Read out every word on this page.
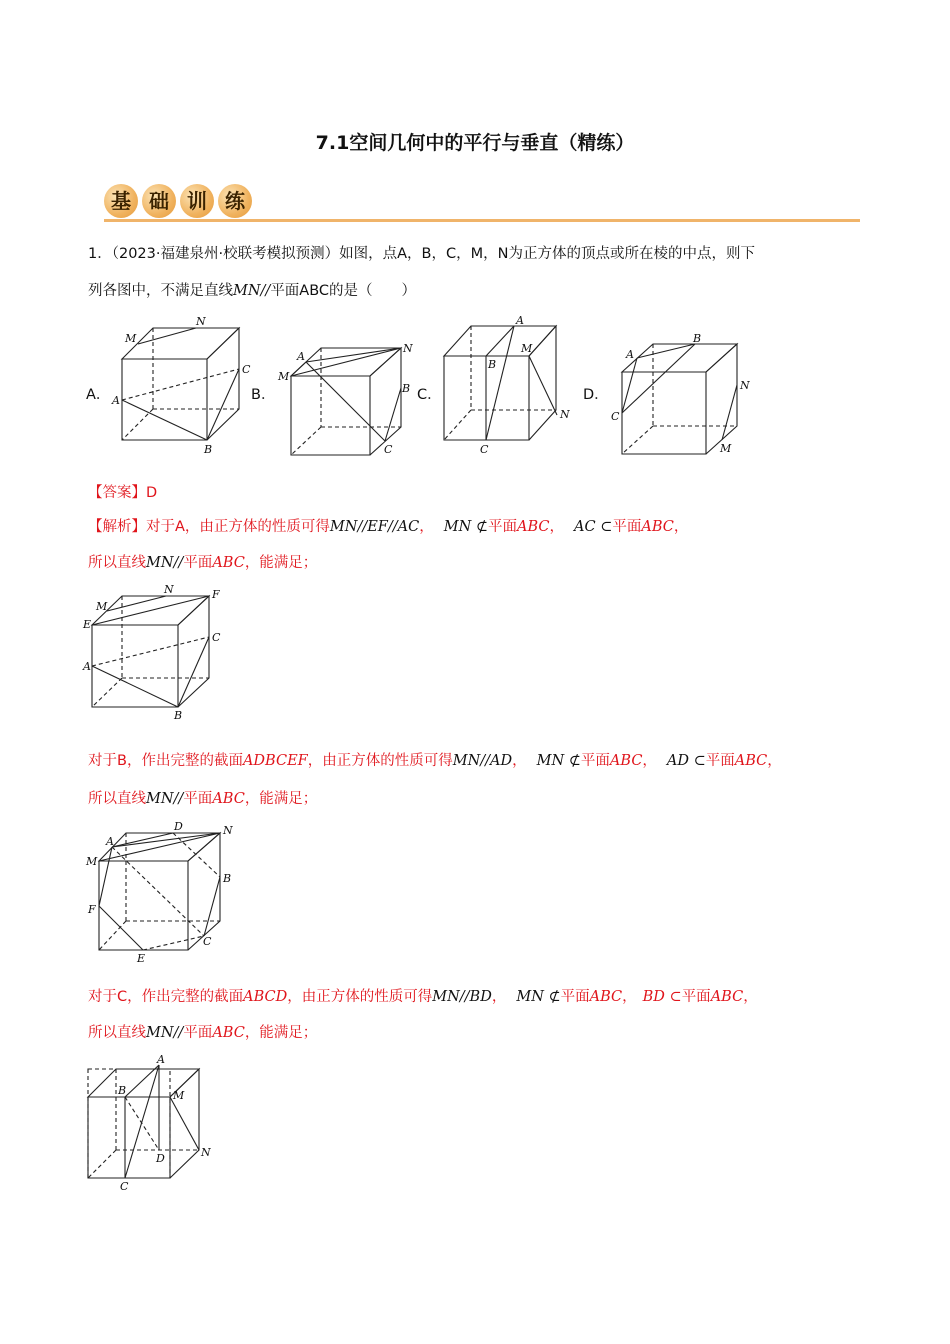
7.1空间几何中的平行与垂直（精练）
基 础 训 练
1．（2023·福建泉州·校联考模拟预测）如图，点A，B，C，M，N为正方体的顶点或所在棱的中点，则下
列各图中，不满足直线MN//平面ABC的是（　　）
A．	B．	C．	D．
M
N
C
A
B
A
N
M
B
C
A
B
M
N
C
A
B
N
C
M
【答案】D
【解析】对于A，由正方体的性质可得MN//EF//AC， MN ⊄平面ABC， AC ⊂平面ABC，
所以直线MN//平面ABC，能满足；
M
N	F
E
C
A
B
对于B，作出完整的截面ADBCEF，由正方体的性质可得MN//AD， MN ⊄平面ABC， AD ⊂平面ABC，
所以直线MN//平面ABC，能满足；
A
D	N
M
B
F
C
E
对于C，作出完整的截面ABCD，由正方体的性质可得MN//BD， MN ⊄平面ABC， BD ⊂平面ABC，
所以直线MN//平面ABC，能满足；
A
B	M
D	N
C
